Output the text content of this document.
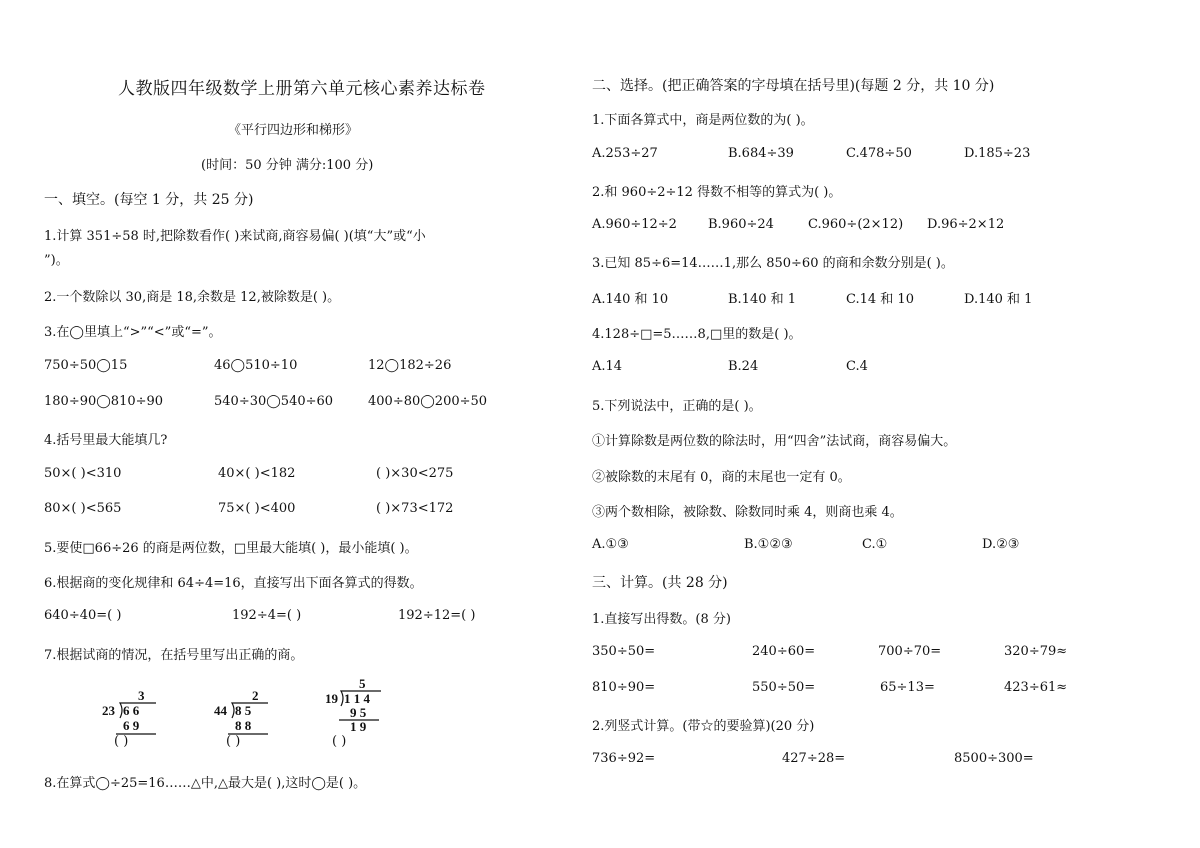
人教版四年级数学上册第六单元核心素养达标卷
《平行四边形和梯形》
(时间：50 分钟 满分:100 分)
一、填空。(每空 1 分，共 25 分)
1.计算 351÷58 时,把除数看作( )来试商,商容易偏( )(填“大”或“小
”)。
2.一个数除以 30,商是 18,余数是 12,被除数是( )。
3.在◯里填上“>”“<”或“=”。
750÷50◯15	46◯510÷10	12◯182÷26
180÷90◯810÷90	540÷30◯540÷60	400÷80◯200÷50
4.括号里最大能填几?
50×( )<310	40×( )<182	( )×30<275
80×( )<565	75×( )<400	( )×73<172
5.要使□66÷26 的商是两位数，□里最大能填( )，最小能填( )。
6.根据商的变化规律和 64÷4=16，直接写出下面各算式的得数。
640÷40=( )	192÷4=( )	192÷12=( )
7.根据试商的情况，在括号里写出正确的商。
3
23 6 6
6 9
( )
2
44 8 5
8 8
( )
5
19 1 1 4
9 5
1 9
( )
8.在算式◯÷25=16……△中,△最大是( ),这时◯是( )。
二、选择。(把正确答案的字母填在括号里)(每题 2 分，共 10 分)
1.下面各算式中，商是两位数的为( )。
A.253÷27	B.684÷39	C.478÷50	D.185÷23
2.和 960÷2÷12 得数不相等的算式为( )。
A.960÷12÷2 B.960÷24	C.960÷(2×12) D.96÷2×12
3.已知 85÷6=14……1,那么 850÷60 的商和余数分别是( )。
A.140 和 10	B.140 和 1	C.14 和 10	D.140 和 1
4.128÷□=5……8,□里的数是( )。
A.14	B.24	C.4
5.下列说法中，正确的是( )。
①计算除数是两位数的除法时，用“四舍”法试商，商容易偏大。
②被除数的末尾有 0，商的末尾也一定有 0。
③两个数相除，被除数、除数同时乘 4，则商也乘 4。
A.①③	B.①②③	C.①	D.②③
三、计算。(共 28 分)
1.直接写出得数。(8 分)
350÷50=	240÷60=	700÷70=	320÷79≈
810÷90=	550÷50=	65÷13=	423÷61≈
2.列竖式计算。(带☆的要验算)(20 分)
736÷92=	427÷28=	8500÷300=
